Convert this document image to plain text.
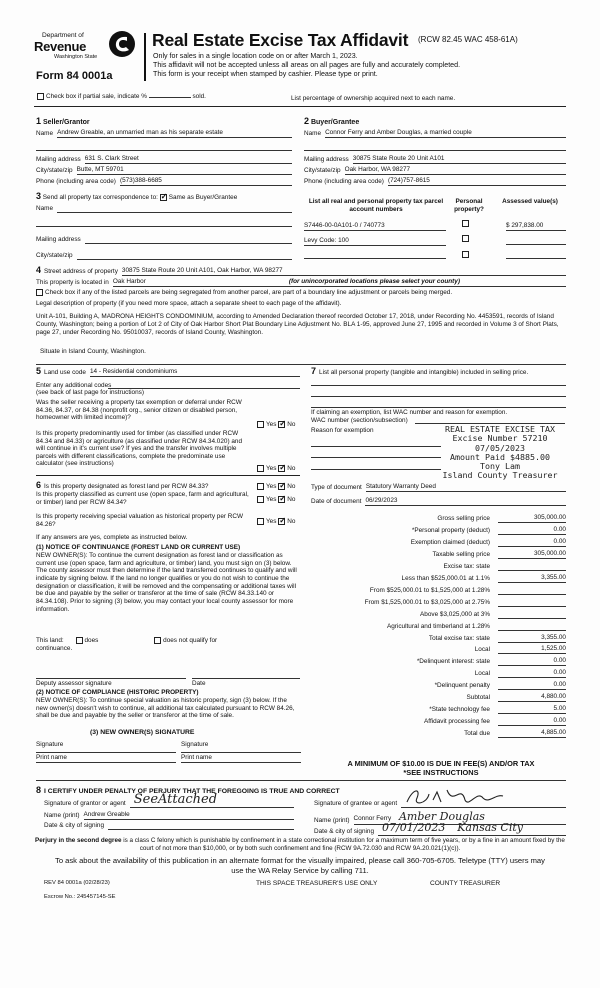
Department of
Revenue
Washington State
Form 84 0001a
Real Estate Excise Tax Affidavit (RCW 82.45 WAC 458-61A)
Only for sales in a single location code on or after March 1, 2023.
This affidavit will not be accepted unless all areas on all pages are fully and accurately completed.
This form is your receipt when stamped by cashier. Please type or print.
Check box if partial sale, indicate %	sold.	List percentage of ownership acquired next to each name.
1 Seller/Grantor	2 Buyer/Grantee
Name Andrew Greable, an unmarried man as his separate estate	Name Connor Ferry and Amber Douglas, a married couple
Mailing address 631 S. Clark Street	Mailing address 30875 State Route 20 Unit A101
City/state/zip Butte, MT 59701	City/state/zip Oak Harbor, WA 98277
Phone (including area code) (573)388-6685	Phone (including area code) (724)757-8615
3 Send all property tax correspondence to: ✓ Same as Buyer/Grantee
Name
Mailing address
City/state/zip
List all real and personal property tax parcel account numbers
Personal property?
Assessed value(s)
S7446-00-0A101-0 / 740773	$ 297,838.00
Levy Code: 100
4 Street address of property 30875 State Route 20 Unit A101, Oak Harbor, WA 98277
This property is located in Oak Harbor	(for unincorporated locations please select your county)
Check box if any of the listed parcels are being segregated from another parcel, are part of a boundary line adjustment or parcels being merged.
Legal description of property (if you need more space, attach a separate sheet to each page of the affidavit).
Unit A-101, Building A, MADRONA HEIGHTS CONDOMINIUM, according to Amended Declaration thereof recorded October 17, 2018, under Recording No. 4453591, records of Island County, Washington; being a portion of Lot 2 of City of Oak Harbor Short Plat Boundary Line Adjustment No. BLA 1-95, approved June 27, 1995 and recorded in Volume 3 of Short Plats, page 27, under Recording No. 95010037, records of Island County, Washington.
Situate in Island County, Washington.
5 Land use code 14 - Residential condominiums
Enter any additional codes
(see back of last page for instructions)
Was the seller receiving a property tax exemption or deferral under RCW 84.36, 84.37, or 84.38 (nonprofit org., senior citizen or disabled person, homeowner with limited income)?
Yes ✓ No
Is this property predominantly used for timber (as classified under RCW 84.34 and 84.33) or agriculture (as classified under RCW 84.34.020) and will continue in it's current use? If yes and the transfer involves multiple parcels with different classifications, complete the predominate use calculator (see instructions)
Yes ✓ No
6 Is this property designated as forest land per RCW 84.33?	Yes ✓ No
Is this property classified as current use (open space, farm and agricultural, or timber) land per RCW 84.34?	Yes ✓ No
Is this property receiving special valuation as historical property per RCW 84.26?	Yes ✓ No
If any answers are yes, complete as instructed below.
(1) NOTICE OF CONTINUANCE (FOREST LAND OR CURRENT USE)
NEW OWNER(S): To continue the current designation as forest land or classification as current use (open space, farm and agriculture, or timber) land, you must sign on (3) below. The county assessor must then determine if the land transferred continues to qualify and will indicate by signing below. If the land no longer qualifies or you do not wish to continue the designation or classification, it will be removed and the compensating or additional taxes will be due and payable by the seller or transferor at the time of sale (RCW 84.33.140 or 84.34.108). Prior to signing (3) below, you may contact your local county assessor for more information.
This land:	does	does not qualify for
continuance.
Deputy assessor signature	Date
(2) NOTICE OF COMPLIANCE (HISTORIC PROPERTY)
NEW OWNER(S): To continue special valuation as historic property, sign (3) below. If the new owner(s) doesn't wish to continue, all additional tax calculated pursuant to RCW 84.26, shall be due and payable by the seller or transferor at the time of sale.
(3) NEW OWNER(S) SIGNATURE
Signature	Signature
Print name	Print name
7 List all personal property (tangible and intangible) included in selling price.
If claiming an exemption, list WAC number and reason for exemption.
WAC number (section/subsection)
Reason for exemption	REAL ESTATE EXCISE TAX
Excise Number 57210
07/05/2023
Amount Paid $4885.00
Tony Lam
Island County Treasurer
Type of document Statutory Warranty Deed
Date of document 06/29/2023
Gross selling price	305,000.00
*Personal property (deduct)	0.00
Exemption claimed (deduct)	0.00
Taxable selling price	305,000.00
Excise tax: state
Less than $525,000.01 at 1.1%	3,355.00
From $525,000.01 to $1,525,000 at 1.28%
From $1,525,000.01 to $3,025,000 at 2.75%
Above $3,025,000 at 3%
Agricultural and timberland at 1.28%
Total excise tax: state	3,355.00
Local	1,525.00
*Delinquent interest: state	0.00
Local	0.00
*Delinquent penalty	0.00
Subtotal	4,880.00
*State technology fee	5.00
Affidavit processing fee	0.00
Total due	4,885.00
A MINIMUM OF $10.00 IS DUE IN FEE(S) AND/OR TAX
*SEE INSTRUCTIONS
8 I CERTIFY UNDER PENALTY OF PERJURY THAT THE FOREGOING IS TRUE AND CORRECT
Signature of grantor or agent SeeAttached
Name (print) Andrew Greable
Date & city of signing
Signature of grantee or agent
Name (print) Connor Ferry Amber Douglas
Date & city of signing 07/01/2023 Kansas City
Perjury in the second degree is a class C felony which is punishable by confinement in a state correctional institution for a maximum term of five years, or by a fine in an amount fixed by the court of not more than $10,000, or by both such confinement and fine (RCW 9A.72.030 and RCW 9A.20.021(1)(c)).
To ask about the availability of this publication in an alternate format for the visually impaired, please call 360-705-6705. Teletype (TTY) users may use the WA Relay Service by calling 711.
REV 84 0001a (02/28/23)	THIS SPACE TREASURER'S USE ONLY	COUNTY TREASURER
Escrow No.: 245457145-SE
